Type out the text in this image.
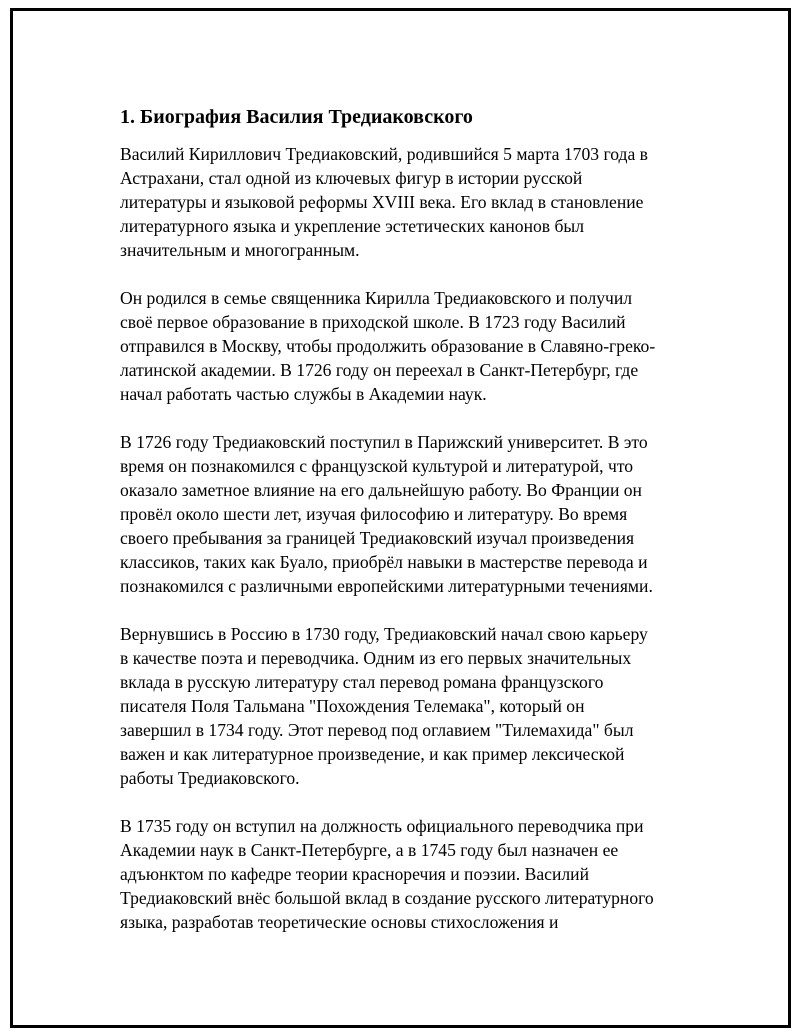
1. Биография Василия Тредиаковского

Василий Кириллович Тредиаковский, родившийся 5 марта 1703 года в
Астрахани, стал одной из ключевых фигур в истории русской
литературы и языковой реформы XVIII века. Его вклад в становление
литературного языка и укрепление эстетических канонов был
значительным и многогранным.

Он родился в семье священника Кирилла Тредиаковского и получил
своё первое образование в приходской школе. В 1723 году Василий
отправился в Москву, чтобы продолжить образование в Славяно-греко-
латинской академии. В 1726 году он переехал в Санкт-Петербург, где
начал работать частью службы в Академии наук.

В 1726 году Тредиаковский поступил в Парижский университет. В это
время он познакомился с французской культурой и литературой, что
оказало заметное влияние на его дальнейшую работу. Во Франции он
провёл около шести лет, изучая философию и литературу. Во время
своего пребывания за границей Тредиаковский изучал произведения
классиков, таких как Буало, приобрёл навыки в мастерстве перевода и
познакомился с различными европейскими литературными течениями.

Вернувшись в Россию в 1730 году, Тредиаковский начал свою карьеру
в качестве поэта и переводчика. Одним из его первых значительных
вклада в русскую литературу стал перевод романа французского
писателя Поля Тальмана "Похождения Телемака", который он
завершил в 1734 году. Этот перевод под оглавием "Тилемахида" был
важен и как литературное произведение, и как пример лексической
работы Тредиаковского.

В 1735 году он вступил на должность официального переводчика при
Академии наук в Санкт-Петербурге, а в 1745 году был назначен ее
адъюнктом по кафедре теории красноречия и поэзии. Василий
Тредиаковский внёс большой вклад в создание русского литературного
языка, разработав теоретические основы стихосложения и
